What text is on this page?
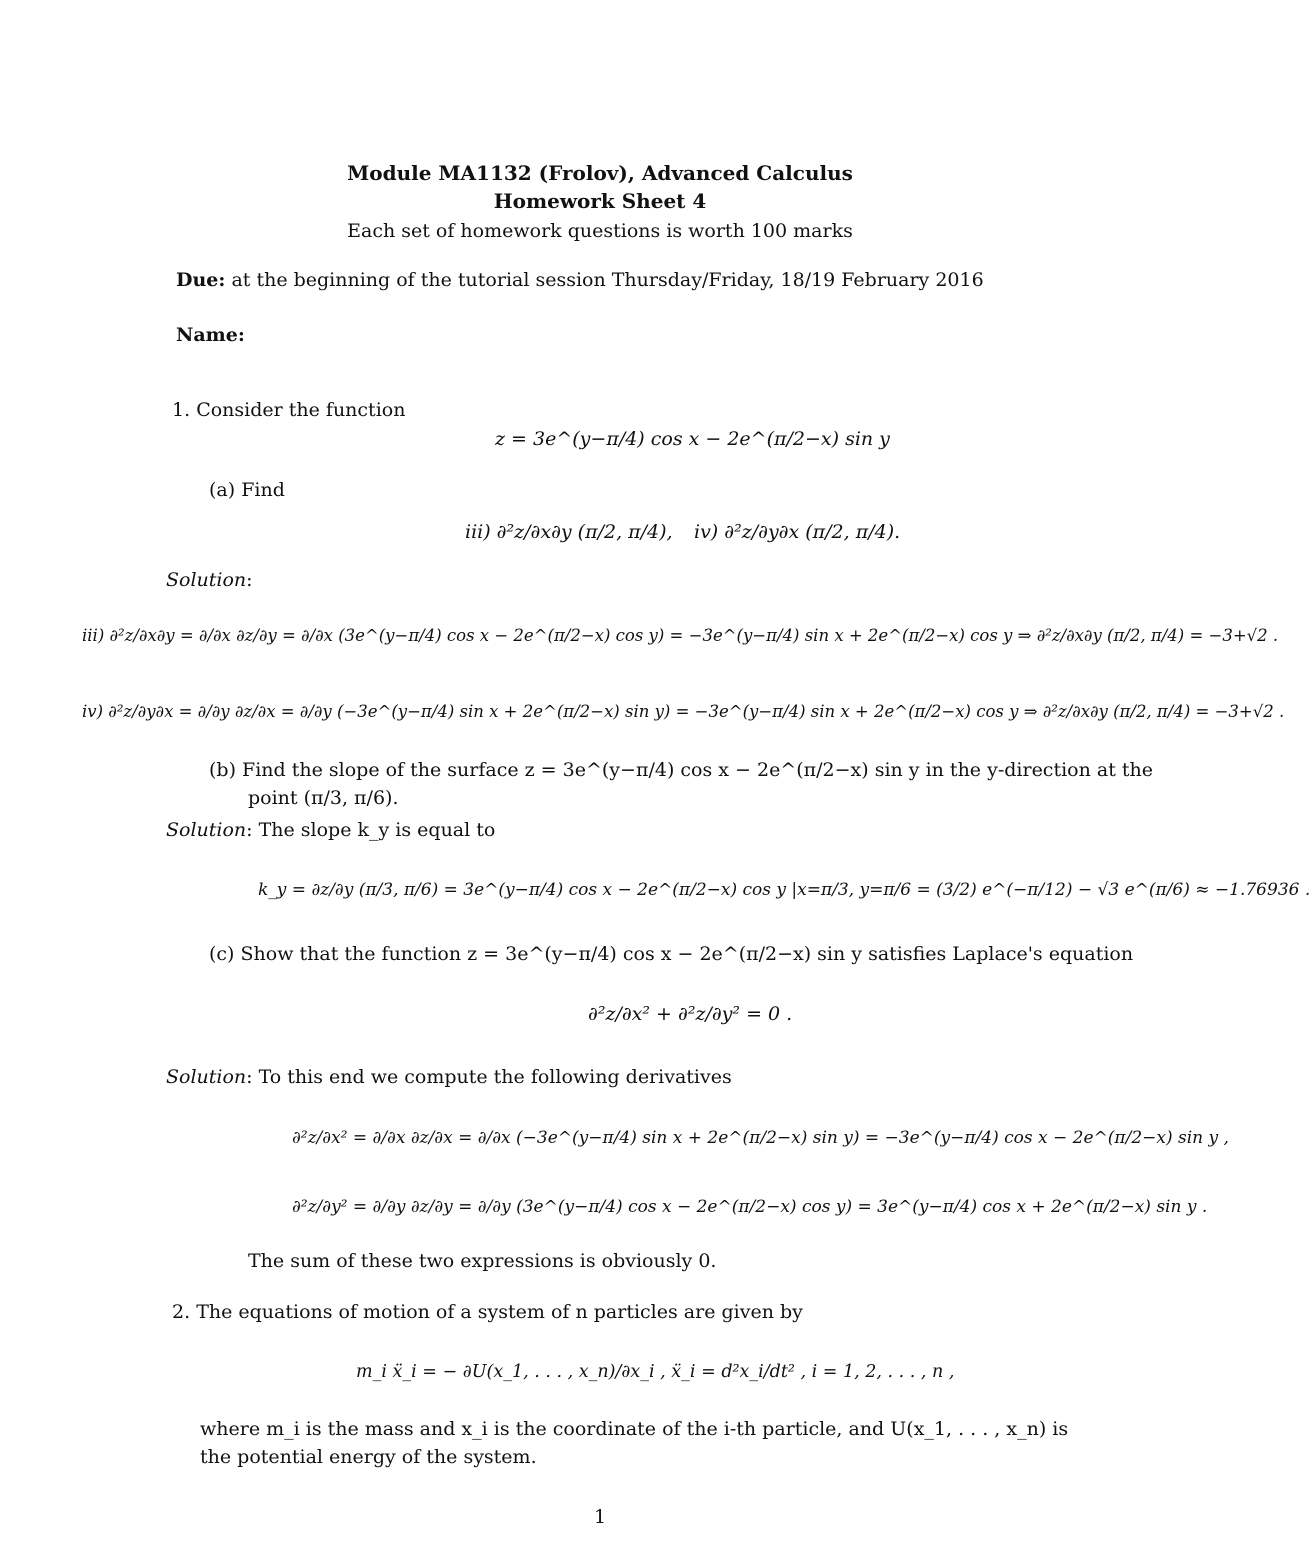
Module MA1132 (Frolov), Advanced Calculus
Homework Sheet 4
Each set of homework questions is worth 100 marks
Due: at the beginning of the tutorial session Thursday/Friday, 18/19 February 2016
Name:
1. Consider the function
z = 3e^(y−π/4) cos x − 2e^(π/2−x) sin y
(a) Find
iii) ∂²z/∂x∂y (π/2, π/4), iv) ∂²z/∂y∂x (π/2, π/4).
Solution:
iii) ∂²z/∂x∂y = ∂/∂x ∂z/∂y = ∂/∂x (3e^(y−π/4) cos x − 2e^(π/2−x) cos y) = −3e^(y−π/4) sin x + 2e^(π/2−x) cos y ⇒ ∂²z/∂x∂y (π/2, π/4) = −3+√2 .
iv) ∂²z/∂y∂x = ∂/∂y ∂z/∂x = ∂/∂y (−3e^(y−π/4) sin x + 2e^(π/2−x) sin y) = −3e^(y−π/4) sin x + 2e^(π/2−x) cos y ⇒ ∂²z/∂x∂y (π/2, π/4) = −3+√2 .
(b) Find the slope of the surface z = 3e^(y−π/4) cos x − 2e^(π/2−x) sin y in the y-direction at the
point (π/3, π/6).
Solution: The slope k_y is equal to
k_y = ∂z/∂y (π/3, π/6) = 3e^(y−π/4) cos x − 2e^(π/2−x) cos y |x=π/3, y=π/6 = (3/2) e^(−π/12) − √3 e^(π/6) ≈ −1.76936 .
(c) Show that the function z = 3e^(y−π/4) cos x − 2e^(π/2−x) sin y satisfies Laplace's equation
∂²z/∂x² + ∂²z/∂y² = 0 .
Solution: To this end we compute the following derivatives
∂²z/∂x² = ∂/∂x ∂z/∂x = ∂/∂x (−3e^(y−π/4) sin x + 2e^(π/2−x) sin y) = −3e^(y−π/4) cos x − 2e^(π/2−x) sin y ,
∂²z/∂y² = ∂/∂y ∂z/∂y = ∂/∂y (3e^(y−π/4) cos x − 2e^(π/2−x) cos y) = 3e^(y−π/4) cos x + 2e^(π/2−x) sin y .
The sum of these two expressions is obviously 0.
2. The equations of motion of a system of n particles are given by
m_i ẍ_i = − ∂U(x_1, . . . , x_n)/∂x_i , ẍ_i = d²x_i/dt² , i = 1, 2, . . . , n ,
where m_i is the mass and x_i is the coordinate of the i-th particle, and U(x_1, . . . , x_n) is
the potential energy of the system.
1
